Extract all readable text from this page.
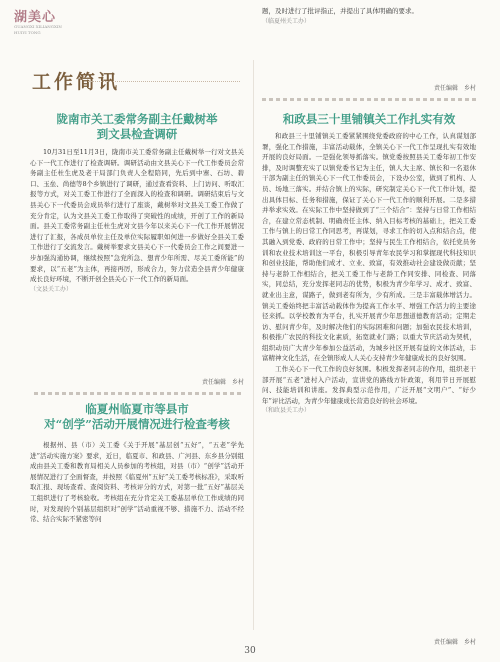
湖美心
GUANGXI XILIANGXIN
HUIYI TONG
工作简讯
陇南市关工委常务副主任戴树举
到文县检查调研

10月31日至11月3日，陇南市关工委常务副主任戴树举一行对文县关心下一代工作进行了检查调研。调研活动由文县关心下一代工作委员会常务副主任杜生虎及老干局部门负责人全程陪同，先后到中寨、石坊、碧口、玉垒、尚德等8个乡镇进行了调研，通过查看资料、上门访问、听取汇报等方式，对关工委工作进行了全面深入的检查和调研。调研结束后与文县关心下一代委员会成员举行进行了座谈，戴树举对文县关工委工作做了充分肯定，认为文县关工委工作取得了突破性的成绩，开创了工作的新局面。县关工委常务副主任杜生虎对文县今年以来关心下一代工作开展情况进行了汇报，各成员单位主任及单位实际履职如何进一步做好全县关工委工作进行了交流发言。戴树举要求文县关心下一代委员会工作之间要进一步加强沟通协调，继续按照“急党所急、想青少年所需、尽关工委所能”的要求，以“五老”为主体，再接再厉，形成合力，努力营造全县青少年健康成长良好环境，不断开创全县关心下一代工作的新局面。

（文县关工办）
责任编辑　乡村
临夏州临夏市等县市
对“创学”活动开展情况进行检查考核

根据州、县（市）关工委《关于开展“基层创“五好”，“五老”学先进”活动实施方案》要求，近日，临夏市、和政县、广河县、东乡县分别组成由县关工委和教育局相关人员参加的考核组，对县（市）“创学”活动开展情况进行了全面督查，并按照《临夏州“五好”关工委考核标准》，采取听取汇报、现场查看、查阅资料、考核评分的方式，对第一批“五好”基层关工组织进行了考核验收。考核组在充分肯定关工委基层单位工作成绩的同时，对发现的个别基层组织对“创学”活动重视不够、措施不力、活动不经常、结合实际不紧密等问

题，及时进行了批评指正，并提出了具体明确的要求。
（临夏州关工办）
责任编辑　乡村
和政县三十里铺镇关工作扎实有效

和政县三十里铺镇关工委紧紧围绕党委政府的中心工作，认真谋划部署，强化工作措施，丰富活动载体，全镇关心下一代工作呈现扎实有效地开展的良好局面。一是强化领导抓落实。镇党委按照县关工委年初工作安排，及时调整充实了以镇党委书记为主任，镇人大主席、镇长和一名退休干部为副主任的镇关心下一代工作委员会，下设办公室，做到了机构、人员、场地三落实。并结合镇上的实际，研究制定关心下一代工作计划，提出具体目标、任务和措施，保证了关心下一代工作的顺利开展。二是多措并举求实效。在实际工作中坚持做到了“三个结合”：坚持与日常工作相结合，在建立常态机制、明确责任主体、纳入目标考核的基础上，把关工委工作与镇上的日常工作同思考，再谋划，寻求工作的切入点和结合点，使其融入到党委、政府的日常工作中；坚持与民生工作相结合，依托党员务训和农业技术培训这一平台，积极引导青年农民学习和掌握现代科技知识和创业技能，帮助他们成才、立业、致富，有效推动社会建设做贡献；坚持与老龄工作相结合，把关工委工作与老龄工作同安排、同检查、同落实，同总结，充分发挥老同志的优势，积极为青少年学习、成才、致富、就业出主意，谋路子，做到老有所为，少有所成。三是丰富载体增活力。镇关工委始终把丰富活动载体作为提高工作水平、增强工作活力的主要途径来抓。以学校教育为平台，扎实开展青少年思想道德教育活动；定期走访、慰问青少年，及时解决他们的实际困难和问题；加强农民技术培训，积极推广农民的科技文化素质，拓宽就业门路；以重大节庆活动为契机，组织动员广大青少年参加公益活动，为城乡社区开展有益的文体活动，丰富精神文化生活，在全镇形成人人关心支持青少年健康成长的良好氛围。

工作关心下一代工作的良好氛围。积极发挥老同志的作用，组织老干部开展“五老”进村入户活动，宣讲党的路线方针政策，利用节日开展慰问、技能培训和讲座。发挥典型示范作用，广泛开展“文明户”、“好少年”评比活动，为青少年健康成长营造良好的社会环境。

（和政县关工办）
责任编辑　乡村
30
